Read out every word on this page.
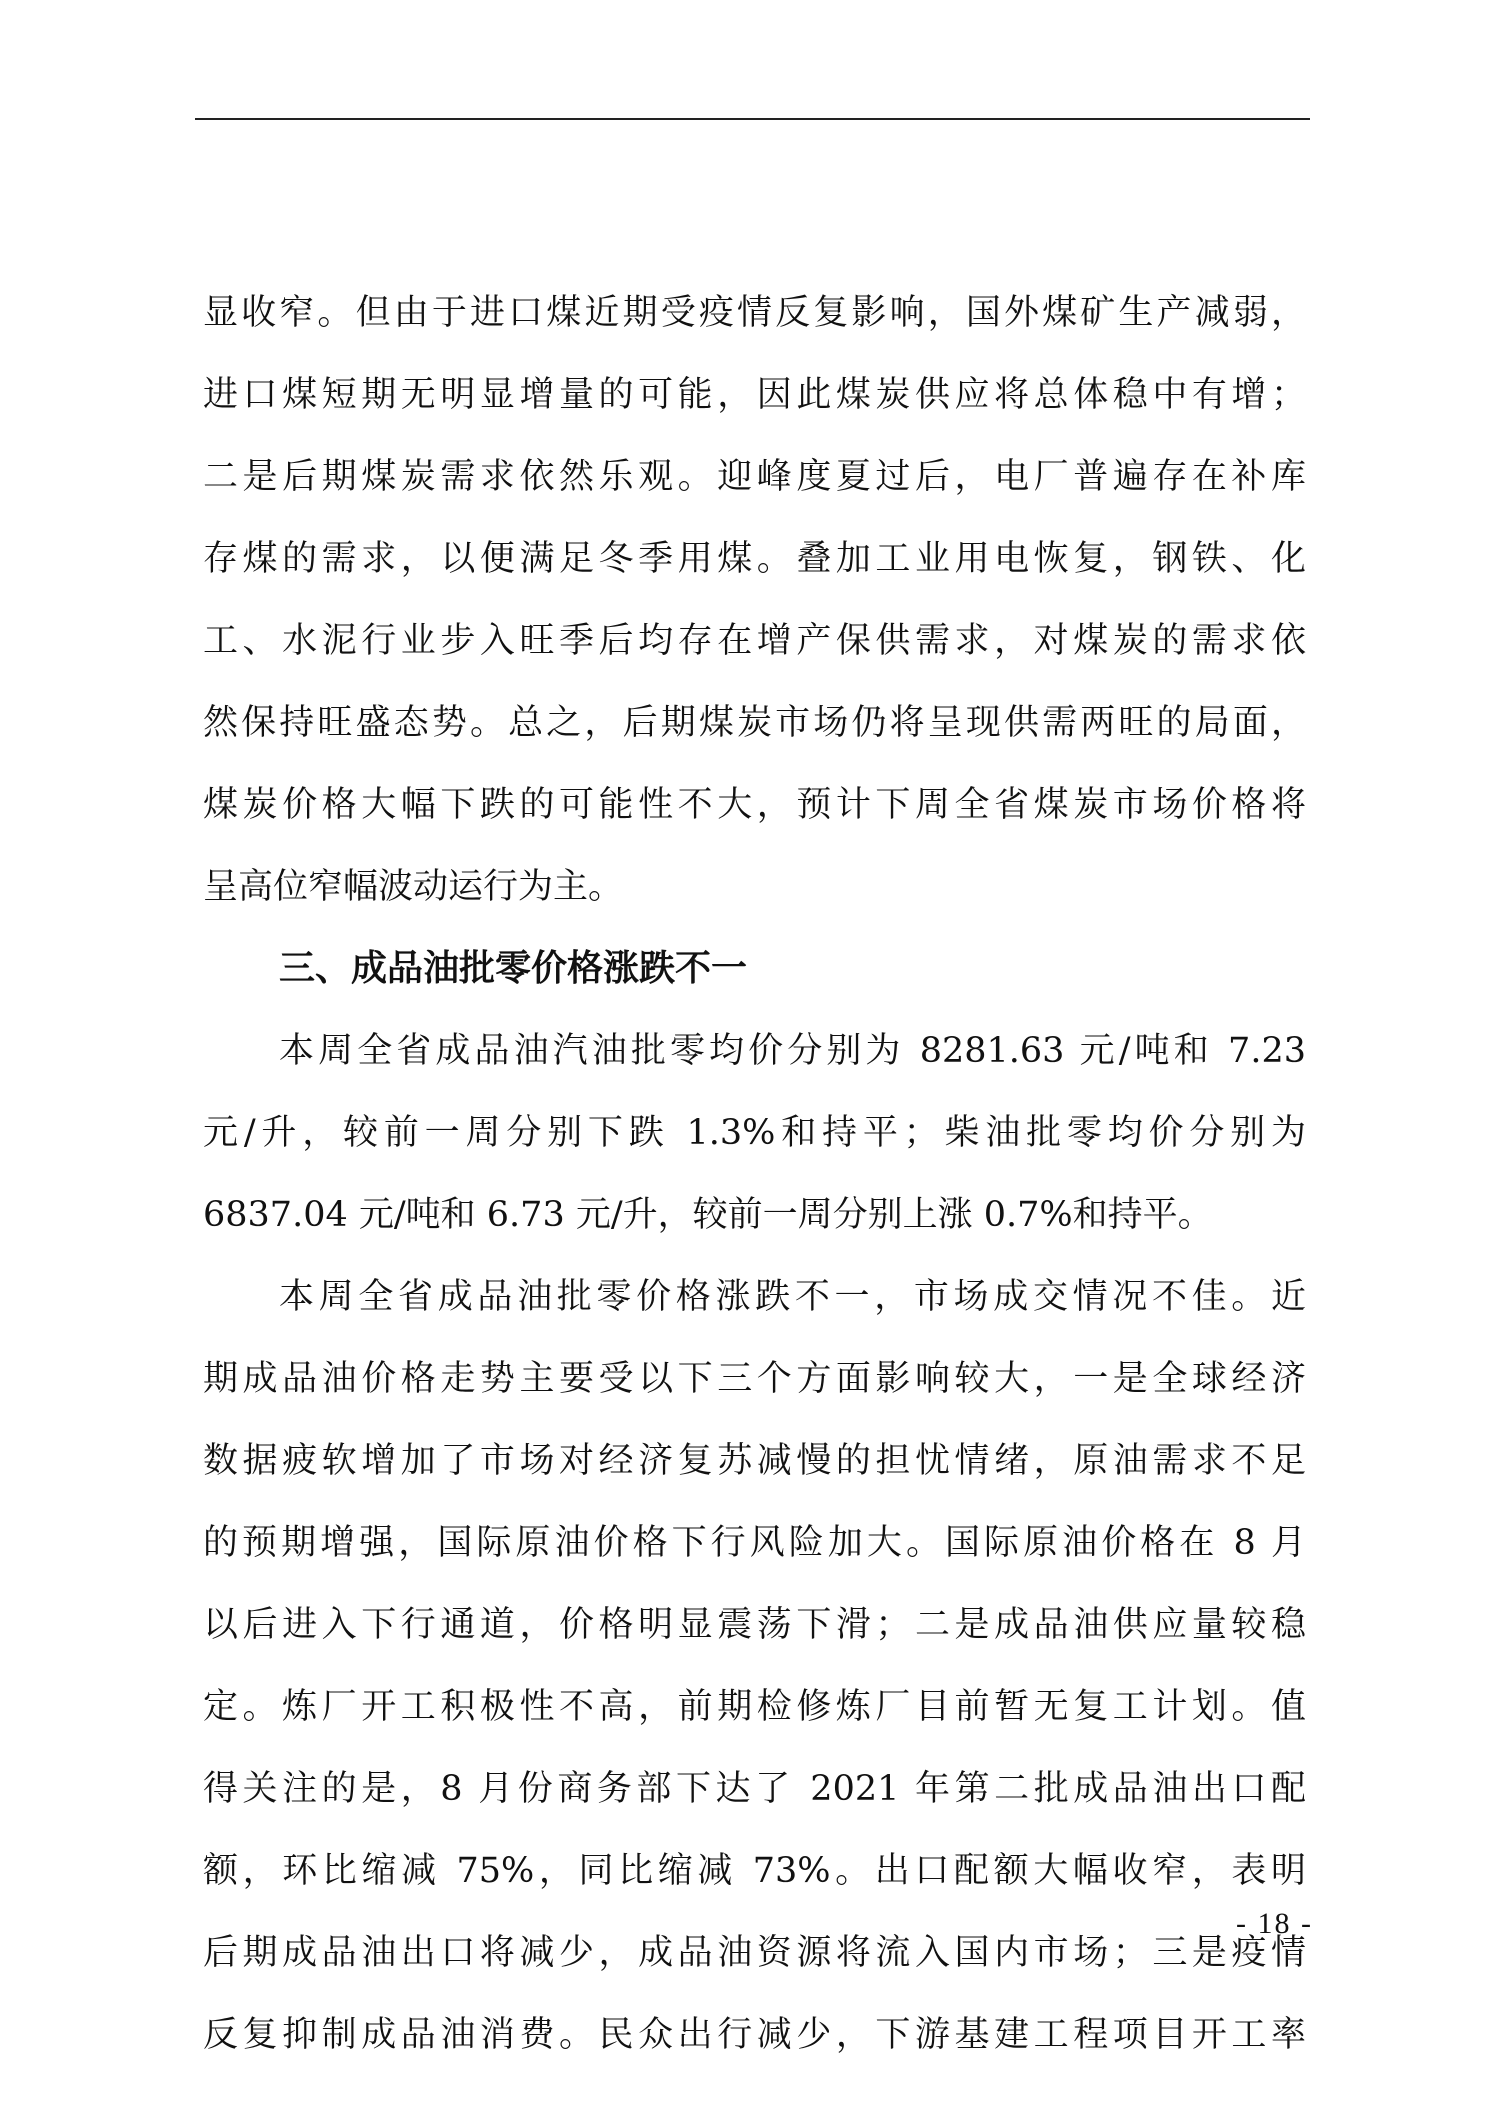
显收窄。但由于进口煤近期受疫情反复影响，国外煤矿生产减弱，
进口煤短期无明显增量的可能，因此煤炭供应将总体稳中有增；
二是后期煤炭需求依然乐观。迎峰度夏过后，电厂普遍存在补库
存煤的需求，以便满足冬季用煤。叠加工业用电恢复，钢铁、化
工、水泥行业步入旺季后均存在增产保供需求，对煤炭的需求依
然保持旺盛态势。总之，后期煤炭市场仍将呈现供需两旺的局面，
煤炭价格大幅下跌的可能性不大，预计下周全省煤炭市场价格将
呈高位窄幅波动运行为主。
三、成品油批零价格涨跌不一
本周全省成品油汽油批零均价分别为 8281.63 元/吨和 7.23
元/升，较前一周分别下跌 1.3%和持平；柴油批零均价分别为
6837.04 元/吨和 6.73 元/升，较前一周分别上涨 0.7%和持平。
本周全省成品油批零价格涨跌不一，市场成交情况不佳。近
期成品油价格走势主要受以下三个方面影响较大，一是全球经济
数据疲软增加了市场对经济复苏减慢的担忧情绪，原油需求不足
的预期增强，国际原油价格下行风险加大。国际原油价格在 8 月
以后进入下行通道，价格明显震荡下滑；二是成品油供应量较稳
定。炼厂开工积极性不高，前期检修炼厂目前暂无复工计划。值
得关注的是，8 月份商务部下达了 2021 年第二批成品油出口配
额，环比缩减 75%，同比缩减 73%。出口配额大幅收窄，表明
后期成品油出口将减少，成品油资源将流入国内市场；三是疫情
反复抑制成品油消费。民众出行减少，下游基建工程项目开工率
- 18 -
